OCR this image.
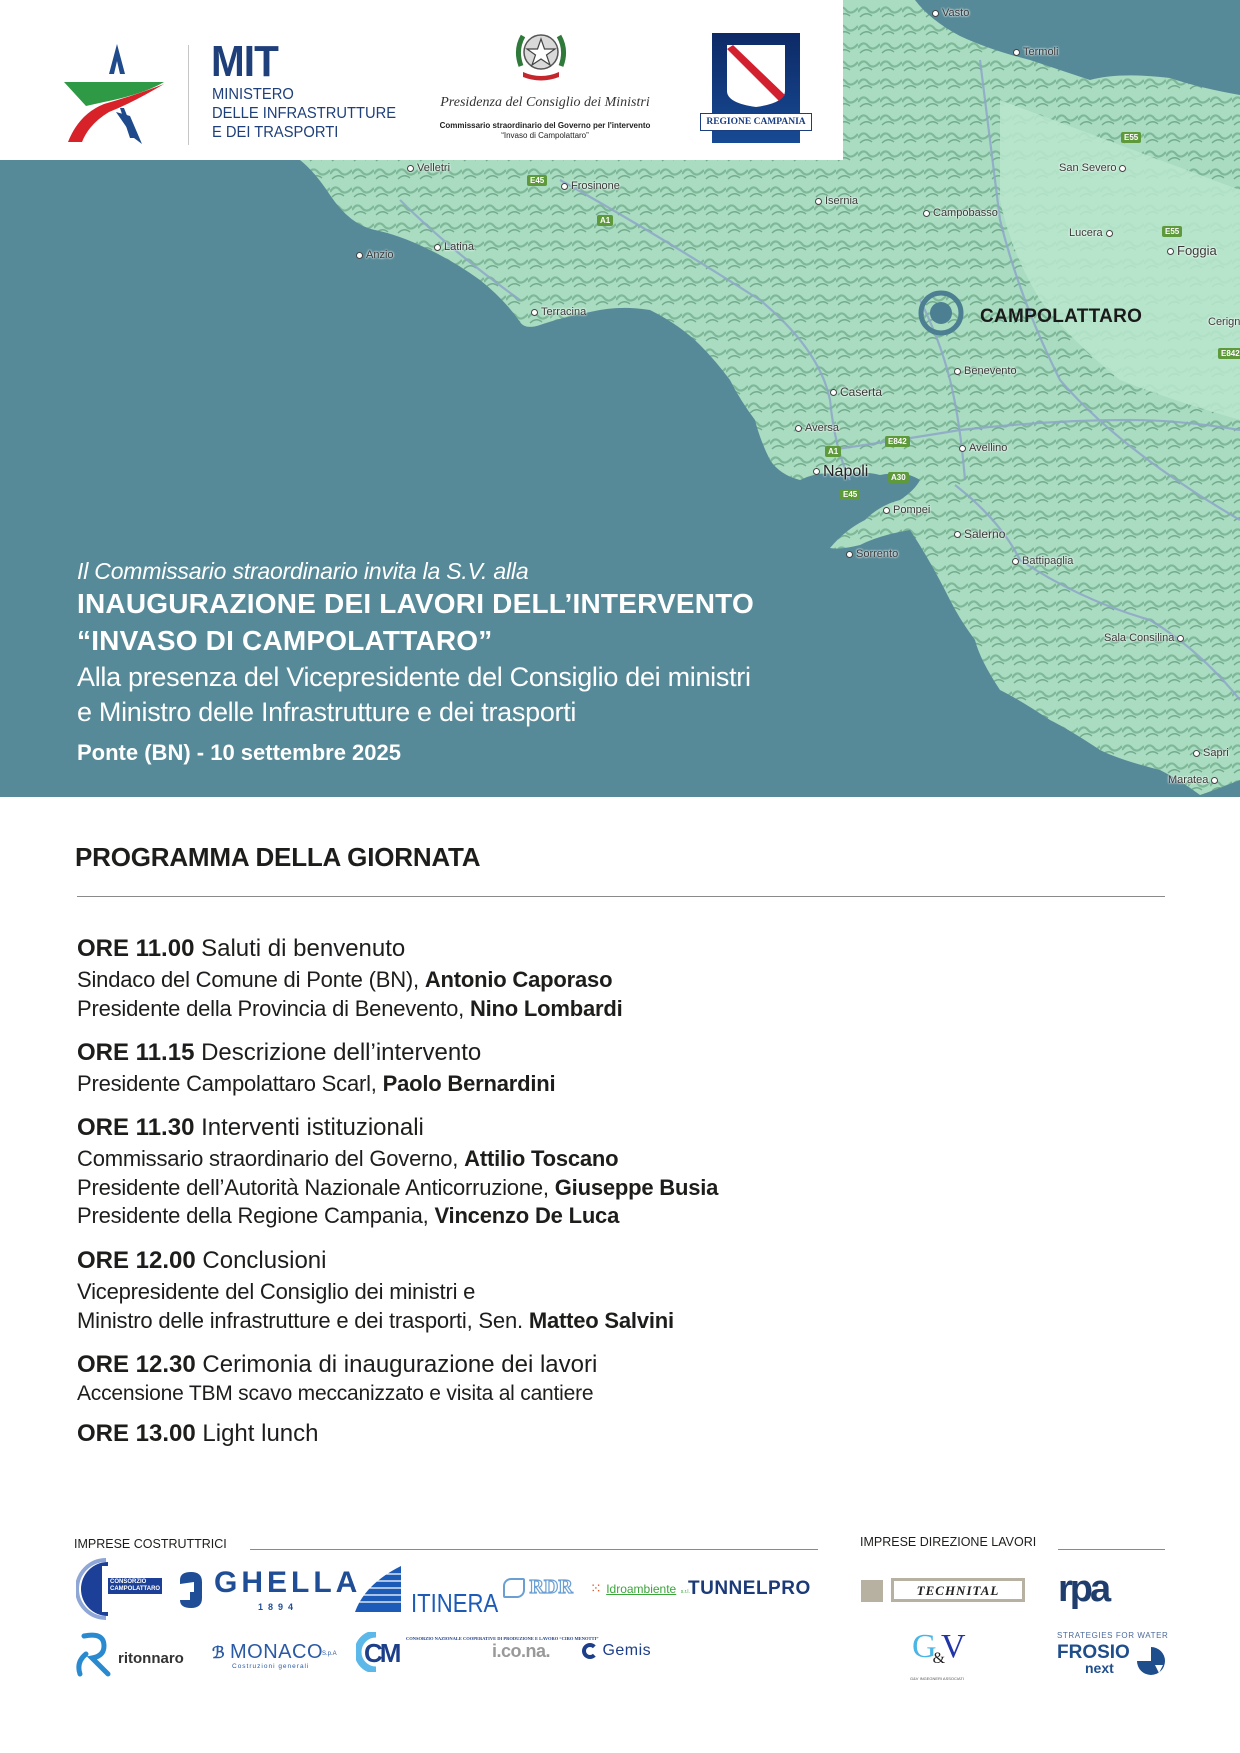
Vasto
Termoli
San Severo
Foggia
Lucera
Campobasso
Isernia
Velletri
Frosinone
Latina
Anzio
Terracina
Benevento
Caserta
Aversa
Napoli
Avellino
Pompei
Salerno
Sorrento
Battipaglia
Sala Consilina
Sapri
Maratea
Cerign
E45
A1
E55
E55
E842
A1
E842
A30
E45
CAMPOLATTARO
Il Commissario straordinario invita la S.V. alla
INAUGURAZIONE DEI LAVORI DELL’INTERVENTO
“INVASO DI CAMPOLATTARO”
Alla presenza del Vicepresidente del Consiglio dei ministri
e Ministro delle Infrastrutture e dei trasporti
Ponte (BN) - 10 settembre 2025
MIT
MINISTERO
DELLE INFRASTRUTTURE
E DEI TRASPORTI
Presidenza del Consiglio dei Ministri
Commissario straordinario del Governo per l'intervento
“Invaso di Campolattaro”
REGIONE CAMPANIA
PROGRAMMA DELLA GIORNATA
ORE 11.00 Saluti di benvenuto
Sindaco del Comune di Ponte (BN), Antonio Caporaso
Presidente della Provincia di Benevento, Nino Lombardi
ORE 11.15 Descrizione dell’intervento
Presidente Campolattaro Scarl, Paolo Bernardini
ORE 11.30 Interventi istituzionali
Commissario straordinario del Governo, Attilio Toscano
Presidente dell’Autorità Nazionale Anticorruzione, Giuseppe Busia
Presidente della Regione Campania, Vincenzo De Luca
ORE 12.00 Conclusioni
Vicepresidente del Consiglio dei ministri e
Ministro delle infrastrutture e dei trasporti, Sen. Matteo Salvini
ORE 12.30 Cerimonia di inaugurazione dei lavori
Accensione TBM scavo meccanizzato e visita al cantiere
ORE 13.00 Light lunch
IMPRESE COSTRUTTRICI	IMPRESE DIREZIONE LAVORI
CONSORZIO
CAMPOLATTARO GHELLA
1894	ITINERA
RDR ⁙ Idroambiente s.r.l.
TUNNELPRO
ritonnaro ℬ MONACO S.p.A
Costruzioni generali CM CONSORZIO NAZIONALE COOPERATIVE DI PRODUZIONE E LAVORO “CIRO MENOTTI”
i.co.na.	Gemis
TECHNITAL	rpa
G&V
G&V INGEGNERI ASSOCIATI
STRATEGIES FOR WATER
FROSIO
next
